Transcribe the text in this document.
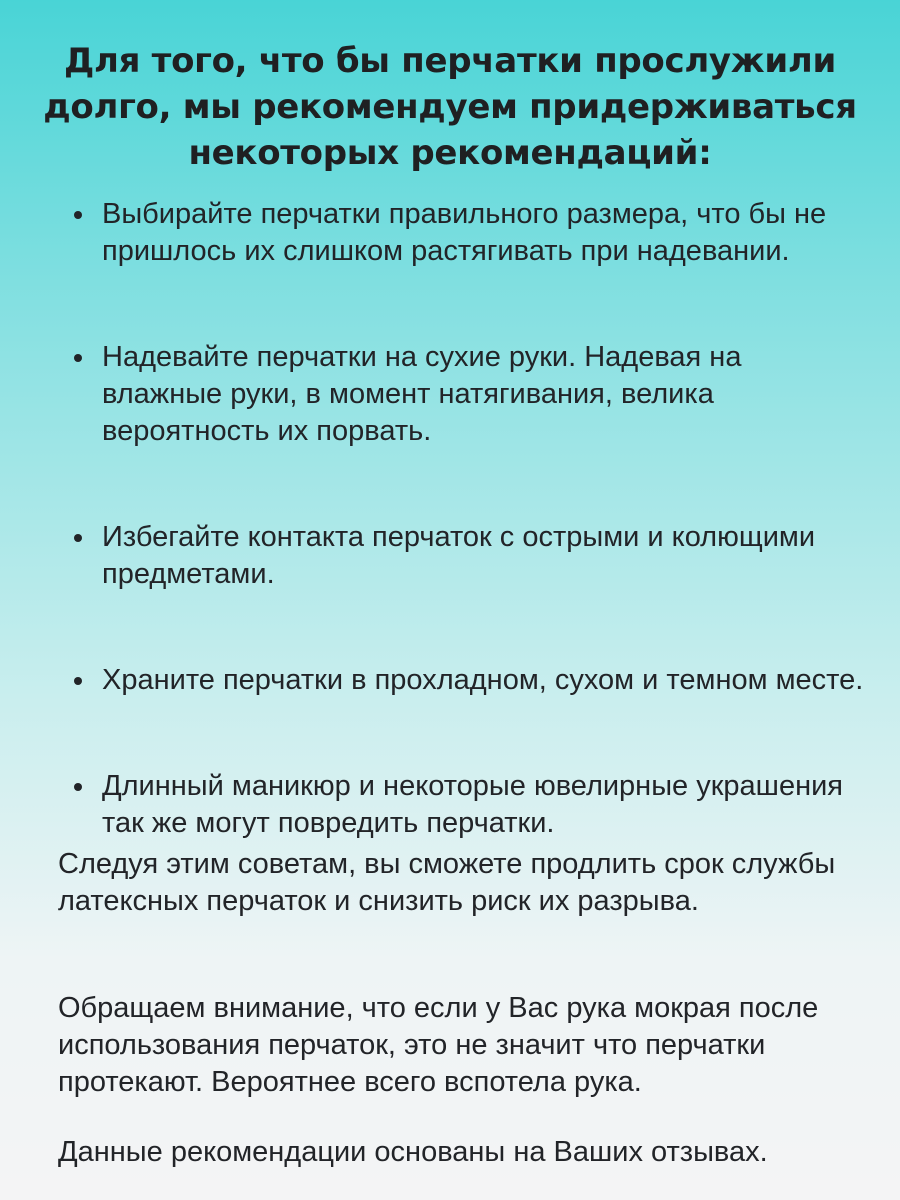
Для того, что бы перчатки прослужили долго, мы рекомендуем придерживаться некоторых рекомендаций:
Выбирайте перчатки правильного размера, что бы не пришлось их слишком растягивать при надевании.
Надевайте перчатки на сухие руки. Надевая на влажные руки, в момент натягивания, велика вероятность их порвать.
Избегайте контакта перчаток с острыми и колющими предметами.
Храните перчатки в прохладном, сухом и темном месте.
Длинный маникюр и некоторые ювелирные украшения так же могут повредить перчатки.

Следуя этим советам, вы сможете продлить срок службы латексных перчаток и снизить риск их разрыва.

Обращаем внимание, что если у Вас рука мокрая после использования перчаток, это не значит что перчатки протекают. Вероятнее всего вспотела рука.

Данные рекомендации основаны на Ваших отзывах.
